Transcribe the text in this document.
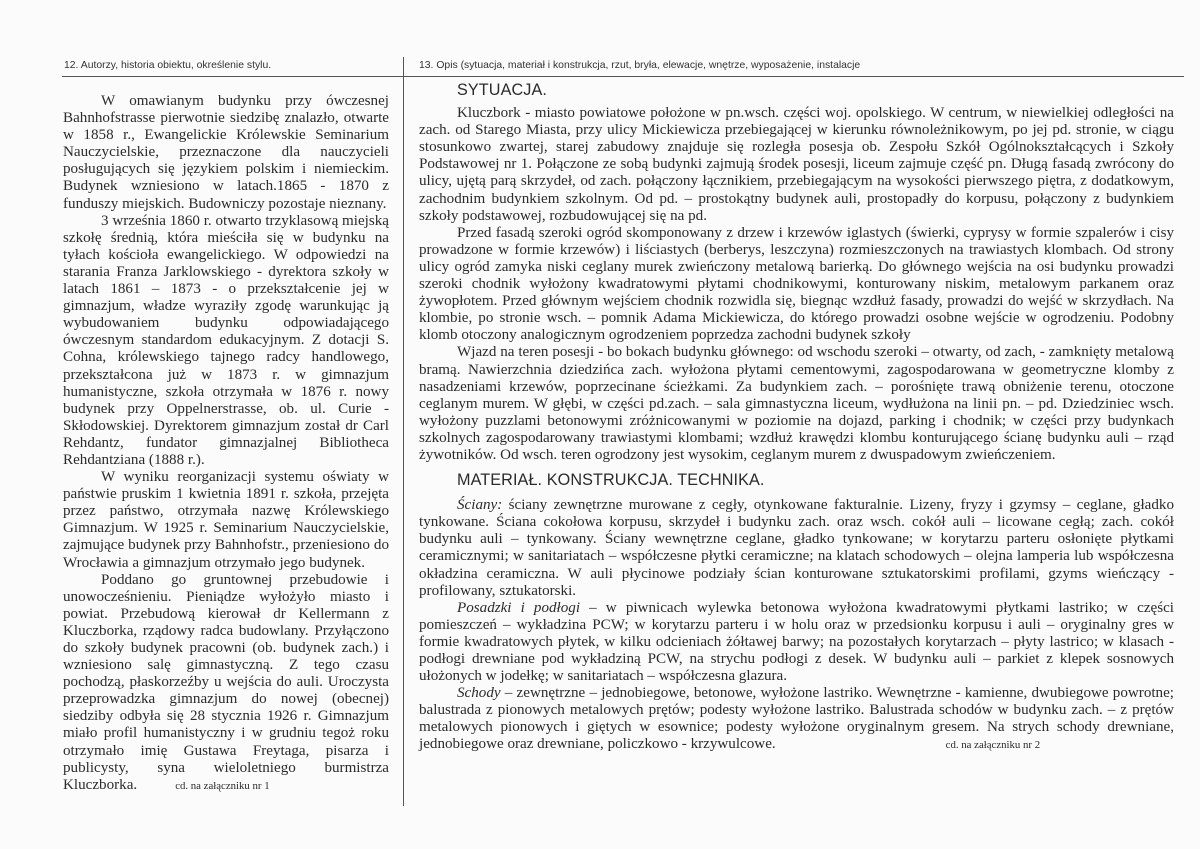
12. Autorzy, historia obiektu, określenie stylu.	13. Opis (sytuacja, materiał i konstrukcja, rzut, bryła, elewacje, wnętrze, wyposażenie, instalacje

W omawianym budynku przy ówczesnej Bahnhofstrasse pierwotnie siedzibę znalazło, otwarte w 1858 r., Ewangelickie Królewskie Seminarium Nauczycielskie, przeznaczone dla nauczycieli posługujących się językiem polskim i niemieckim. Budynek wzniesiono w latach.1865 - 1870 z funduszy miejskich. Budowniczy pozostaje nieznany.

3 września 1860 r. otwarto trzyklasową miejską szkołę średnią, która mieściła się w budynku na tyłach kościoła ewangelickiego. W odpowiedzi na starania Franza Jarklowskiego - dyrektora szkoły w latach 1861 – 1873 - o przekształcenie jej w gimnazjum, władze wyraziły zgodę warunkując ją wybudowaniem budynku odpowiadającego ówczesnym standardom edukacyjnym. Z dotacji S. Cohna, królewskiego tajnego radcy handlowego, przekształcona już w 1873 r. w gimnazjum humanistyczne, szkoła otrzymała w 1876 r. nowy budynek przy Oppelnerstrasse, ob. ul. Curie - Skłodowskiej. Dyrektorem gimnazjum został dr Carl Rehdantz, fundator gimnazjalnej Bibliotheca Rehdantziana (1888 r.).

W wyniku reorganizacji systemu oświaty w państwie pruskim 1 kwietnia 1891 r. szkoła, przejęta przez państwo, otrzymała nazwę Królewskiego Gimnazjum. W 1925 r. Seminarium Nauczycielskie, zajmujące budynek przy Bahnhofstr., przeniesiono do Wrocławia a gimnazjum otrzymało jego budynek.

Poddano go gruntownej przebudowie i unowocześnieniu. Pieniądze wyłożyło miasto i powiat. Przebudową kierował dr Kellermann z Kluczborka, rządowy radca budowlany. Przyłączono do szkoły budynek pracowni (ob. budynek zach.) i wzniesiono salę gimnastyczną. Z tego czasu pochodzą, płaskorzeźby u wejścia do auli. Uroczysta przeprowadzka gimnazjum do nowej (obecnej) siedziby odbyła się 28 stycznia 1926 r. Gimnazjum miało profil humanistyczny i w grudniu tegoż roku otrzymało imię Gustawa Freytaga, pisarza i publicysty, syna wieloletniego burmistrza Kluczborka.	cd. na załączniku nr 1

SYTUACJA.

Kluczbork - miasto powiatowe położone w pn.wsch. części woj. opolskiego. W centrum, w niewielkiej odległości na zach. od Starego Miasta, przy ulicy Mickiewicza przebiegającej w kierunku równoleżnikowym, po jej pd. stronie, w ciągu stosunkowo zwartej, starej zabudowy znajduje się rozległa posesja ob. Zespołu Szkół Ogólnokształcących i Szkoły Podstawowej nr 1. Połączone ze sobą budynki zajmują środek posesji, liceum zajmuje część pn. Długą fasadą zwrócony do ulicy, ujętą parą skrzydeł, od zach. połączony łącznikiem, przebiegającym na wysokości pierwszego piętra, z dodatkowym, zachodnim budynkiem szkolnym. Od pd. – prostokątny budynek auli, prostopadły do korpusu, połączony z budynkiem szkoły podstawowej, rozbudowującej się na pd.

Przed fasadą szeroki ogród skomponowany z drzew i krzewów iglastych (świerki, cyprysy w formie szpalerów i cisy prowadzone w formie krzewów) i liściastych (berberys, leszczyna) rozmieszczonych na trawiastych klombach. Od strony ulicy ogród zamyka niski ceglany murek zwieńczony metalową barierką. Do głównego wejścia na osi budynku prowadzi szeroki chodnik wyłożony kwadratowymi płytami chodnikowymi, konturowany niskim, metalowym parkanem oraz żywopłotem. Przed głównym wejściem chodnik rozwidla się, biegnąc wzdłuż fasady, prowadzi do wejść w skrzydłach. Na klombie, po stronie wsch. – pomnik Adama Mickiewicza, do którego prowadzi osobne wejście w ogrodzeniu. Podobny klomb otoczony analogicznym ogrodzeniem poprzedza zachodni budynek szkoły

Wjazd na teren posesji - bo bokach budynku głównego: od wschodu szeroki – otwarty, od zach, - zamknięty metalową bramą. Nawierzchnia dziedzińca zach. wyłożona płytami cementowymi, zagospodarowana w geometryczne klomby z nasadzeniami krzewów, poprzecinane ścieżkami. Za budynkiem zach. – porośnięte trawą obniżenie terenu, otoczone ceglanym murem. W głębi, w części pd.zach. – sala gimnastyczna liceum, wydłużona na linii pn. – pd. Dziedziniec wsch. wyłożony puzzlami betonowymi zróżnicowanymi w poziomie na dojazd, parking i chodnik; w części przy budynkach szkolnych zagospodarowany trawiastymi klombami; wzdłuż krawędzi klombu konturującego ścianę budynku auli – rząd żywotników. Od wsch. teren ogrodzony jest wysokim, ceglanym murem z dwuspadowym zwieńczeniem.

MATERIAŁ. KONSTRUKCJA. TECHNIKA.

Ściany: ściany zewnętrzne murowane z cegły, otynkowane fakturalnie. Lizeny, fryzy i gzymsy – ceglane, gładko tynkowane. Ściana cokołowa korpusu, skrzydeł i budynku zach. oraz wsch. cokół auli – licowane cegłą; zach. cokół budynku auli – tynkowany. Ściany wewnętrzne ceglane, gładko tynkowane; w korytarzu parteru osłonięte płytkami ceramicznymi; w sanitariatach – współczesne płytki ceramiczne; na klatach schodowych – olejna lamperia lub współczesna okładzina ceramiczna. W auli płycinowe podziały ścian konturowane sztukatorskimi profilami, gzyms wieńczący - profilowany, sztukatorski.

Posadzki i podłogi – w piwnicach wylewka betonowa wyłożona kwadratowymi płytkami lastriko; w części pomieszczeń – wykładzina PCW; w korytarzu parteru i w holu oraz w przedsionku korpusu i auli – oryginalny gres w formie kwadratowych płytek, w kilku odcieniach żółtawej barwy; na pozostałych korytarzach – płyty lastrico; w klasach - podłogi drewniane pod wykładziną PCW, na strychu podłogi z desek. W budynku auli – parkiet z klepek sosnowych ułożonych w jodełkę; w sanitariatach – współczesna glazura.

Schody – zewnętrzne – jednobiegowe, betonowe, wyłożone lastriko. Wewnętrzne - kamienne, dwubiegowe powrotne; balustrada z pionowych metalowych prętów; podesty wyłożone lastriko. Balustrada schodów w budynku zach. – z prętów metalowych pionowych i giętych w esownice; podesty wyłożone oryginalnym gresem. Na strych schody drewniane, jednobiegowe oraz drewniane, policzkowo - krzywulcowe.	cd. na załączniku nr 2
